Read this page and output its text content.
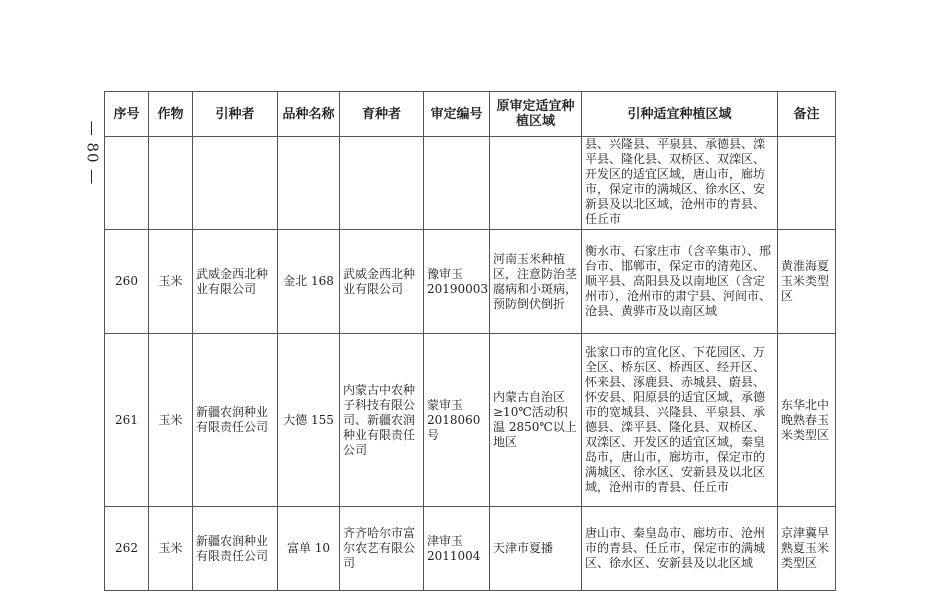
— 80 —
序号	作物	引种者	品种名称	育种者	审定编号	原审定适宜种植区域	引种适宜种植区域	备注

							县、兴隆县、平泉县、承德县、滦平县、隆化县、双桥区、双滦区、开发区的适宜区域，唐山市，廊坊市，保定市的满城区、徐水区、安新县及以北区域，沧州市的青县、任丘市	

260	玉米	武威金西北种业有限公司	金北 168	武威金西北种业有限公司	豫审玉20190003	河南玉米种植区，注意防治茎腐病和小斑病，预防倒伏倒折	衡水市、石家庄市（含辛集市）、邢台市、邯郸市，保定市的清苑区、顺平县、高阳县及以南地区（含定州市），沧州市的肃宁县、河间市、沧县、黄骅市及以南区域	黄淮海夏玉米类型区
261	玉米	新疆农润种业有限责任公司	大德 155	内蒙古中农种子科技有限公司、新疆农润种业有限责任公司	蒙审玉2018060号	内蒙古自治区≥10℃活动积温 2850℃以上地区	张家口市的宣化区、下花园区、万全区、桥东区、桥西区、经开区、怀来县、涿鹿县、赤城县、蔚县、怀安县、阳原县的适宜区域，承德市的宽城县、兴隆县、平泉县、承德县、滦平县、隆化县、双桥区、双滦区、开发区的适宜区域，秦皇岛市，唐山市，廊坊市，保定市的满城区、徐水区、安新县及以北区域，沧州市的青县、任丘市	东华北中晚熟春玉米类型区
262	玉米	新疆农润种业有限责任公司	富单 10	齐齐哈尔市富尔农艺有限公司	津审玉2011004	天津市夏播	唐山市、秦皇岛市、廊坊市、沧州市的青县、任丘市，保定市的满城区、徐水区、安新县及以北区域	京津冀早熟夏玉米类型区
